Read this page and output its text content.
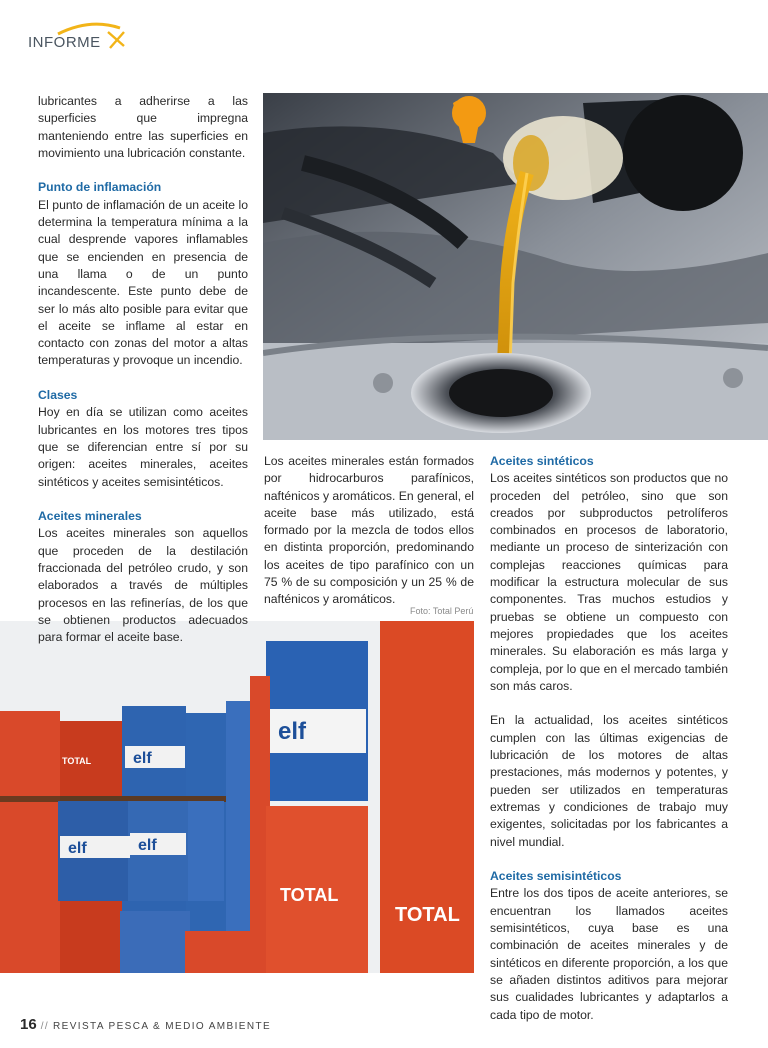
INFORME
elf
elf	elf
elf
TOTAL
TOTAL
TOTAL
Foto: Total Perú

lubricantes a adherirse a las superficies que impregna manteniendo entre las superficies en movimiento una lubricación constante.

Punto de inflamación

El punto de inflamación de un aceite lo determina la temperatura mínima a la cual desprende vapores inflamables que se encienden en presencia de una llama o de un punto incandescente. Este punto debe de ser lo más alto posible para evitar que el aceite se inflame al estar en contacto con zonas del motor a altas temperaturas y provoque un incendio.

Clases

Hoy en día se utilizan como aceites lubricantes en los motores tres tipos que se diferencian entre sí por su origen: aceites minerales, aceites sintéticos y aceites semisintéticos.

Aceites minerales

Los aceites minerales son aquellos que proceden de la destilación fraccionada del petróleo crudo, y son elaborados a través de múltiples procesos en las refinerías, de los que se obtienen productos adecuados para formar el aceite base.

Los aceites minerales están formados por hidrocarburos parafínicos, nafténicos y aromáticos. En general, el aceite base más utilizado, está formado por la mezcla de todos ellos en distinta proporción, predominando los aceites de tipo parafínico con un 75 % de su composición y un 25 % de nafténicos y aromáticos.

Aceites sintéticos

Los aceites sintéticos son productos que no proceden del petróleo, sino que son creados por subproductos petrolíferos combinados en procesos de laboratorio, mediante un proceso de sinterización con complejas reacciones químicas para modificar la estructura molecular de sus componentes. Tras muchos estudios y pruebas se obtiene un compuesto con mejores propiedades que los aceites minerales. Su elaboración es más larga y compleja, por lo que en el mercado también son más caros.

En la actualidad, los aceites sintéticos cumplen con las últimas exigencias de lubricación de los motores de altas prestaciones, más modernos y potentes, y pueden ser utilizados en temperaturas extremas y condiciones de trabajo muy exigentes, solicitadas por los fabricantes a nivel mundial.

Aceites semisintéticos

Entre los dos tipos de aceite anteriores, se encuentran los llamados aceites semisintéticos, cuya base es una combinación de aceites minerales y de sintéticos en diferente proporción, a los que se añaden distintos aditivos para mejorar sus cualidades lubricantes y adaptarlos a cada tipo de motor.

16 // REVISTA PESCA & MEDIO AMBIENTE
